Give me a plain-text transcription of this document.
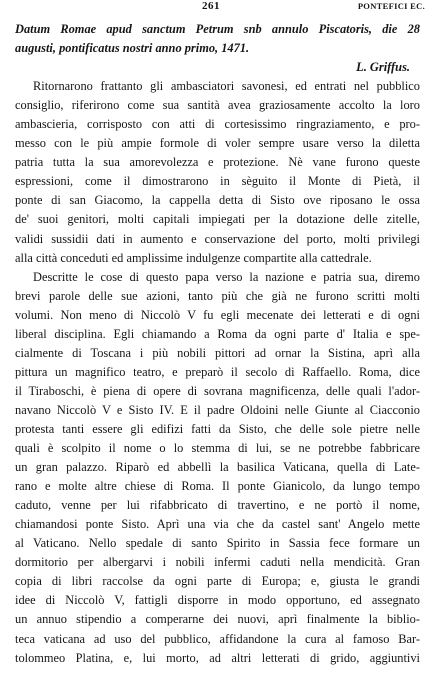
261	PONTEFICI EC.
Datum Romae apud sanctum Petrum snb annulo Piscatoris, die 28
augusti, pontificatus nostri anno primo, 1471.
L. Griffus.
Ritornarono frattanto gli ambasciatori savonesi, ed entrati nel pubblico
consiglio, riferirono come sua santità avea graziosamente accolto la loro
ambascieria, corrisposto con atti di cortesissimo ringraziamento, e pro-
messo con le più ampie formole di voler sempre usare verso la diletta
patria tutta la sua amorevolezza e protezione. Nè vane furono queste
espressioni, come il dimostrarono in sèguito il Monte di Pietà, il
ponte di san Giacomo, la cappella detta di Sisto ove riposano le ossa
de' suoi genitori, molti capitali impiegati per la dotazione delle zitelle,
validi sussidii dati in aumento e conservazione del porto, molti privilegi
alla città conceduti ed amplissime indulgenze compartite alla cattedrale.
Descritte le cose di questo papa verso la nazione e patria sua, diremo
brevi parole delle sue azioni, tanto più che già ne furono scritti molti
volumi. Non meno di Niccolò V fu egli mecenate dei letterati e di ogni
liberal disciplina. Egli chiamando a Roma da ogni parte d' Italia e spe-
cialmente di Toscana i più nobili pittori ad ornar la Sistina, aprì alla
pittura un magnifico teatro, e preparò il secolo di Raffaello. Roma, dice
il Tiraboschi, è piena di opere di sovrana magnificenza, delle quali l'ador-
navano Niccolò V e Sisto IV. E il padre Oldoini nelle Giunte al Ciacconio
protesta tanti essere gli edifizi fatti da Sisto, che delle sole pietre nelle
quali è scolpito il nome o lo stemma di lui, se ne potrebbe fabbricare
un gran palazzo. Riparò ed abbellì la basilica Vaticana, quella di Late-
rano e molte altre chiese di Roma. Il ponte Gianicolo, da lungo tempo
caduto, venne per lui rifabbricato di travertino, e ne portò il nome,
chiamandosi ponte Sisto. Aprì una via che da castel sant' Angelo mette
al Vaticano. Nello spedale di santo Spirito in Sassia fece formare un
dormitorio per albergarvi i nobili infermi caduti nella mendicità. Gran
copia di libri raccolse da ogni parte di Europa; e, giusta le grandi
idee di Niccolò V, fattigli disporre in modo opportuno, ed assegnato
un annuo stipendio a comperarne dei nuovi, aprì finalmente la biblio-
teca vaticana ad uso del pubblico, affidandone la cura al famoso Bar-
tolommeo Platina, e, lui morto, ad altri letterati di grido, aggiuntivi
